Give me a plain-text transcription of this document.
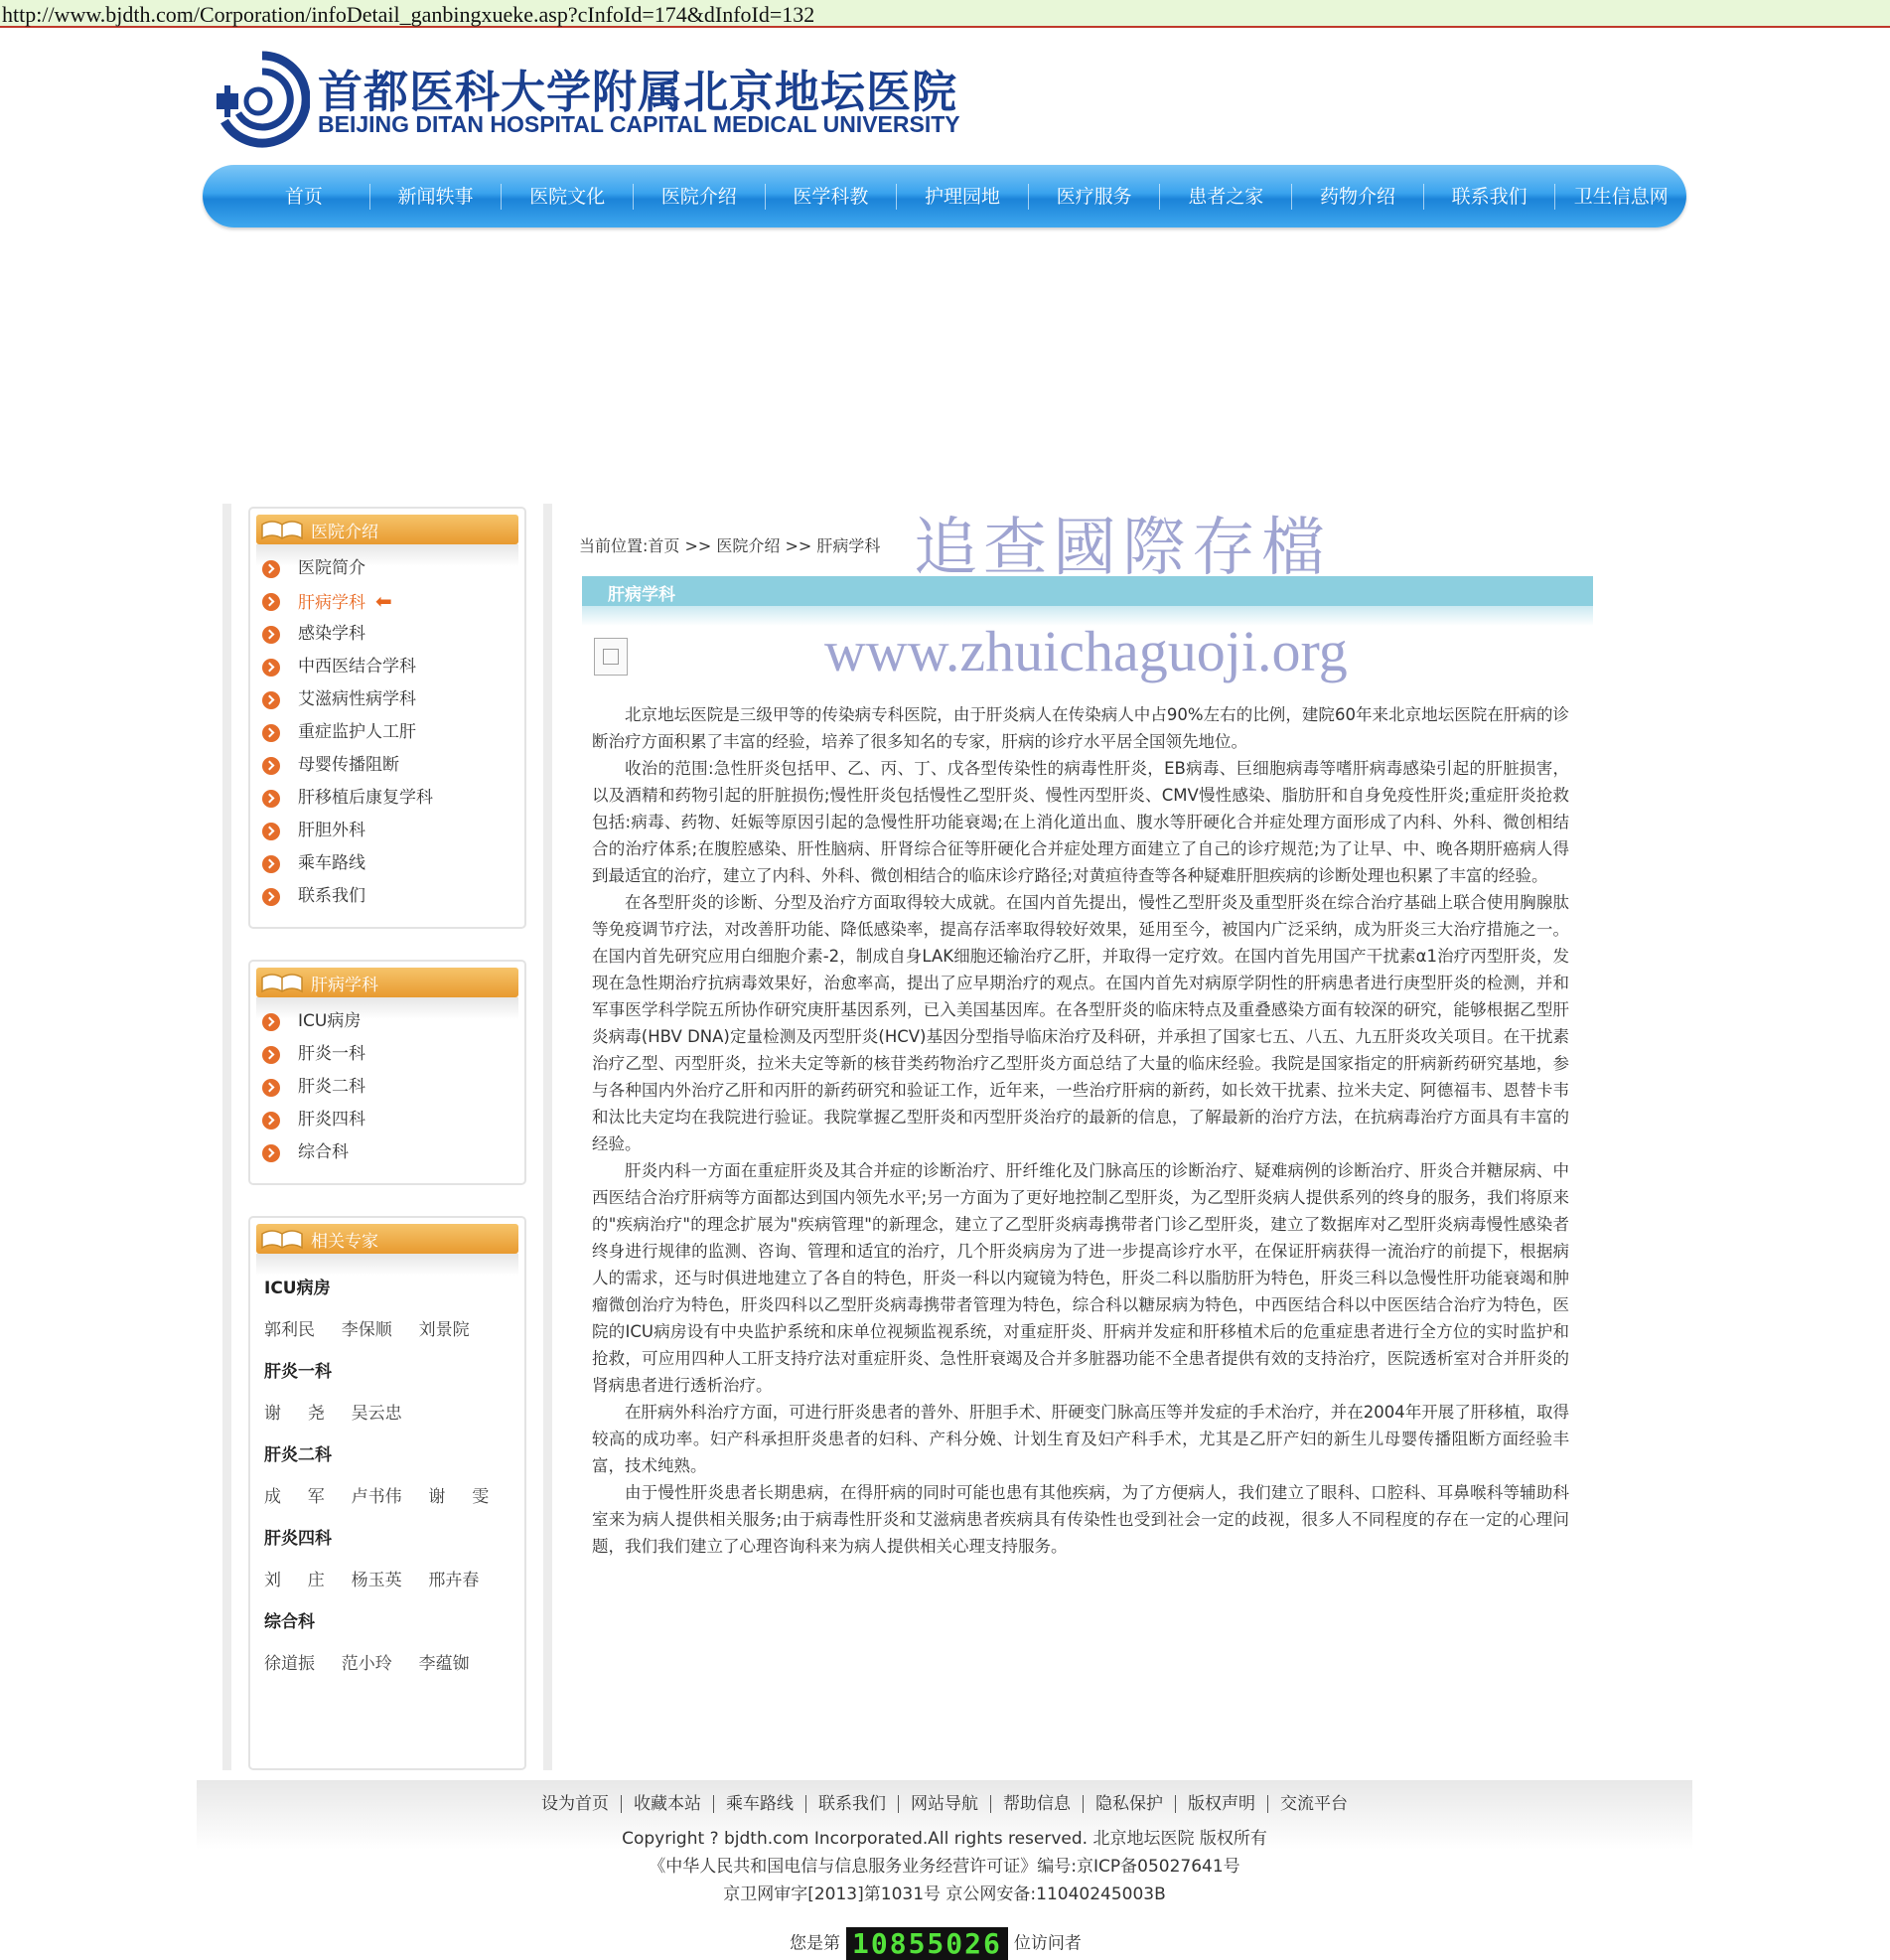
http://www.bjdth.com/Corporation/infoDetail_ganbingxueke.asp?cInfoId=174&dInfoId=132
首都医科大学附属北京地坛医院
BEIJING DITAN HOSPITAL CAPITAL MEDICAL UNIVERSITY
首页	新闻轶事	医院文化	医院介绍	医学科教	护理园地	医疗服务	患者之家	药物介绍	联系我们	卫生信息网
医院介绍
医院简介
肝病学科 ⬅
感染学科
中西医结合学科
艾滋病性病学科
重症监护人工肝
母婴传播阻断
肝移植后康复学科
肝胆外科
乘车路线
联系我们
肝病学科
ICU病房
肝炎一科
肝炎二科
肝炎四科
综合科
相关专家
ICU病房
郭利民  李保顺  刘景院
肝炎一科
谢  尧  吴云忠
肝炎二科
成  军  卢书伟  谢  雯
肝炎四科
刘  庄  杨玉英  邢卉春
综合科
徐道振  范小玲  李蕴铷
当前位置:首页 >> 医院介绍 >> 肝病学科
肝病学科
追查國際存檔
www.zhuichaguoji.org

北京地坛医院是三级甲等的传染病专科医院，由于肝炎病人在传染病人中占90%左右的比例，建院60年来北京地坛医院在肝病的诊断治疗方面积累了丰富的经验，培养了很多知名的专家，肝病的诊疗水平居全国领先地位。

收治的范围:急性肝炎包括甲、乙、丙、丁、戊各型传染性的病毒性肝炎，EB病毒、巨细胞病毒等嗜肝病毒感染引起的肝脏损害，以及酒精和药物引起的肝脏损伤;慢性肝炎包括慢性乙型肝炎、慢性丙型肝炎、CMV慢性感染、脂肪肝和自身免疫性肝炎;重症肝炎抢救包括:病毒、药物、妊娠等原因引起的急慢性肝功能衰竭;在上消化道出血、腹水等肝硬化合并症处理方面形成了内科、外科、微创相结合的治疗体系;在腹腔感染、肝性脑病、肝肾综合征等肝硬化合并症处理方面建立了自己的诊疗规范;为了让早、中、晚各期肝癌病人得到最适宜的治疗，建立了内科、外科、微创相结合的临床诊疗路径;对黄疸待查等各种疑难肝胆疾病的诊断处理也积累了丰富的经验。

在各型肝炎的诊断、分型及治疗方面取得较大成就。在国内首先提出，慢性乙型肝炎及重型肝炎在综合治疗基础上联合使用胸腺肽等免疫调节疗法，对改善肝功能、降低感染率，提高存活率取得较好效果，延用至今，被国内广泛采纳，成为肝炎三大治疗措施之一。在国内首先研究应用白细胞介素-2，制成自身LAK细胞还输治疗乙肝，并取得一定疗效。在国内首先用国产干扰素α1治疗丙型肝炎，发现在急性期治疗抗病毒效果好，治愈率高，提出了应早期治疗的观点。在国内首先对病原学阴性的肝病患者进行庚型肝炎的检测，并和军事医学科学院五所协作研究庚肝基因系列，已入美国基因库。在各型肝炎的临床特点及重叠感染方面有较深的研究，能够根据乙型肝炎病毒(HBV DNA)定量检测及丙型肝炎(HCV)基因分型指导临床治疗及科研，并承担了国家七五、八五、九五肝炎攻关项目。在干扰素治疗乙型、丙型肝炎，拉米夫定等新的核苷类药物治疗乙型肝炎方面总结了大量的临床经验。我院是国家指定的肝病新药研究基地，参与各种国内外治疗乙肝和丙肝的新药研究和验证工作，近年来，一些治疗肝病的新药，如长效干扰素、拉米夫定、阿德福韦、恩替卡韦和汰比夫定均在我院进行验证。我院掌握乙型肝炎和丙型肝炎治疗的最新的信息，了解最新的治疗方法，在抗病毒治疗方面具有丰富的经验。

肝炎内科一方面在重症肝炎及其合并症的诊断治疗、肝纤维化及门脉高压的诊断治疗、疑难病例的诊断治疗、肝炎合并糖尿病、中西医结合治疗肝病等方面都达到国内领先水平;另一方面为了更好地控制乙型肝炎，为乙型肝炎病人提供系列的终身的服务，我们将原来的"疾病治疗"的理念扩展为"疾病管理"的新理念，建立了乙型肝炎病毒携带者门诊乙型肝炎，建立了数据库对乙型肝炎病毒慢性感染者终身进行规律的监测、咨询、管理和适宜的治疗，几个肝炎病房为了进一步提高诊疗水平，在保证肝病获得一流治疗的前提下，根据病人的需求，还与时俱进地建立了各自的特色，肝炎一科以内窥镜为特色，肝炎二科以脂肪肝为特色，肝炎三科以急慢性肝功能衰竭和肿瘤微创治疗为特色，肝炎四科以乙型肝炎病毒携带者管理为特色，综合科以糖尿病为特色，中西医结合科以中医医结合治疗为特色，医院的ICU病房设有中央监护系统和床单位视频监视系统，对重症肝炎、肝病并发症和肝移植术后的危重症患者进行全方位的实时监护和抢救，可应用四种人工肝支持疗法对重症肝炎、急性肝衰竭及合并多脏器功能不全患者提供有效的支持治疗，医院透析室对合并肝炎的肾病患者进行透析治疗。

在肝病外科治疗方面，可进行肝炎患者的普外、肝胆手术、肝硬变门脉高压等并发症的手术治疗，并在2004年开展了肝移植，取得较高的成功率。妇产科承担肝炎患者的妇科、产科分娩、计划生育及妇产科手术，尤其是乙肝产妇的新生儿母婴传播阻断方面经验丰富，技术纯熟。

由于慢性肝炎患者长期患病，在得肝病的同时可能也患有其他疾病，为了方便病人，我们建立了眼科、口腔科、耳鼻喉科等辅助科室来为病人提供相关服务;由于病毒性肝炎和艾滋病患者疾病具有传染性也受到社会一定的歧视，很多人不同程度的存在一定的心理问题，我们我们建立了心理咨询科来为病人提供相关心理支持服务。

设为首页 收藏本站 乘车路线 联系我们 网站导航 帮助信息 隐私保护 版权声明 交流平台
Copyright ? bjdth.com Incorporated.All rights reserved. 北京地坛医院 版权所有
《中华人民共和国电信与信息服务业务经营许可证》编号:京ICP备05027641号
京卫网审字[2013]第1031号 京公网安备:11040245003B
您是第 10855026 位访问者
